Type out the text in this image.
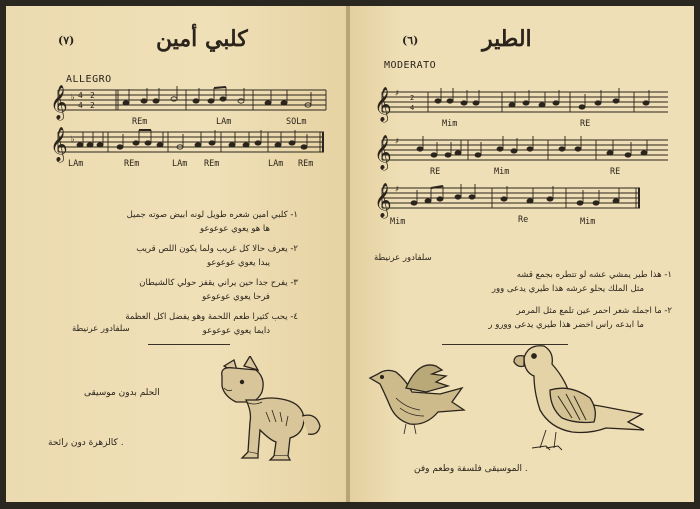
(٧)	كلبي أمين
ALLEGRO
𝄞 ♭ 4
4
2
2
REm	LAm	SOLm
𝄞 ♭
LAm	REm	LAm REm	LAm REm
١- كلبي امين شعره طويل لونه ابيض صوته جميل
ها هو يعوي عوعوعو
٢- يعرف حالا كل غريب ولما يكون اللص قريب
يبدا يعوي عوعوعو
٣- يفرح جدا حين يراني يقفز حولي كالشيطان
فرحا يعوي عوعوعو
٤- يحب كثيرا طعم اللحمة وهو يفضل اكل العظمة
دايما يعوي عوعوعو
سلفادور عرنيطة
الحلم بدون موسيقى
. كالزهرة دون رائحة
(٦)	الطير
MODERATO
𝄞 ♯ 2
4
Mim	RE
𝄞 ♯
RE	Mim	RE
𝄞 ♯
Mim	Re	Mim
سلفادور عرنيطة
١- هذا طير يمشي عشه لو تتطره بجمع قشه
مثل الملك يحلو عرشه هذا طيري يدعى وور
٢- ما اجمله شعر احمر عين تلمع مثل المرمر
ما ابدعه راس اخضر هذا طيري يدعى وورو ر
. الموسيقى فلسفة وطعم وفن
